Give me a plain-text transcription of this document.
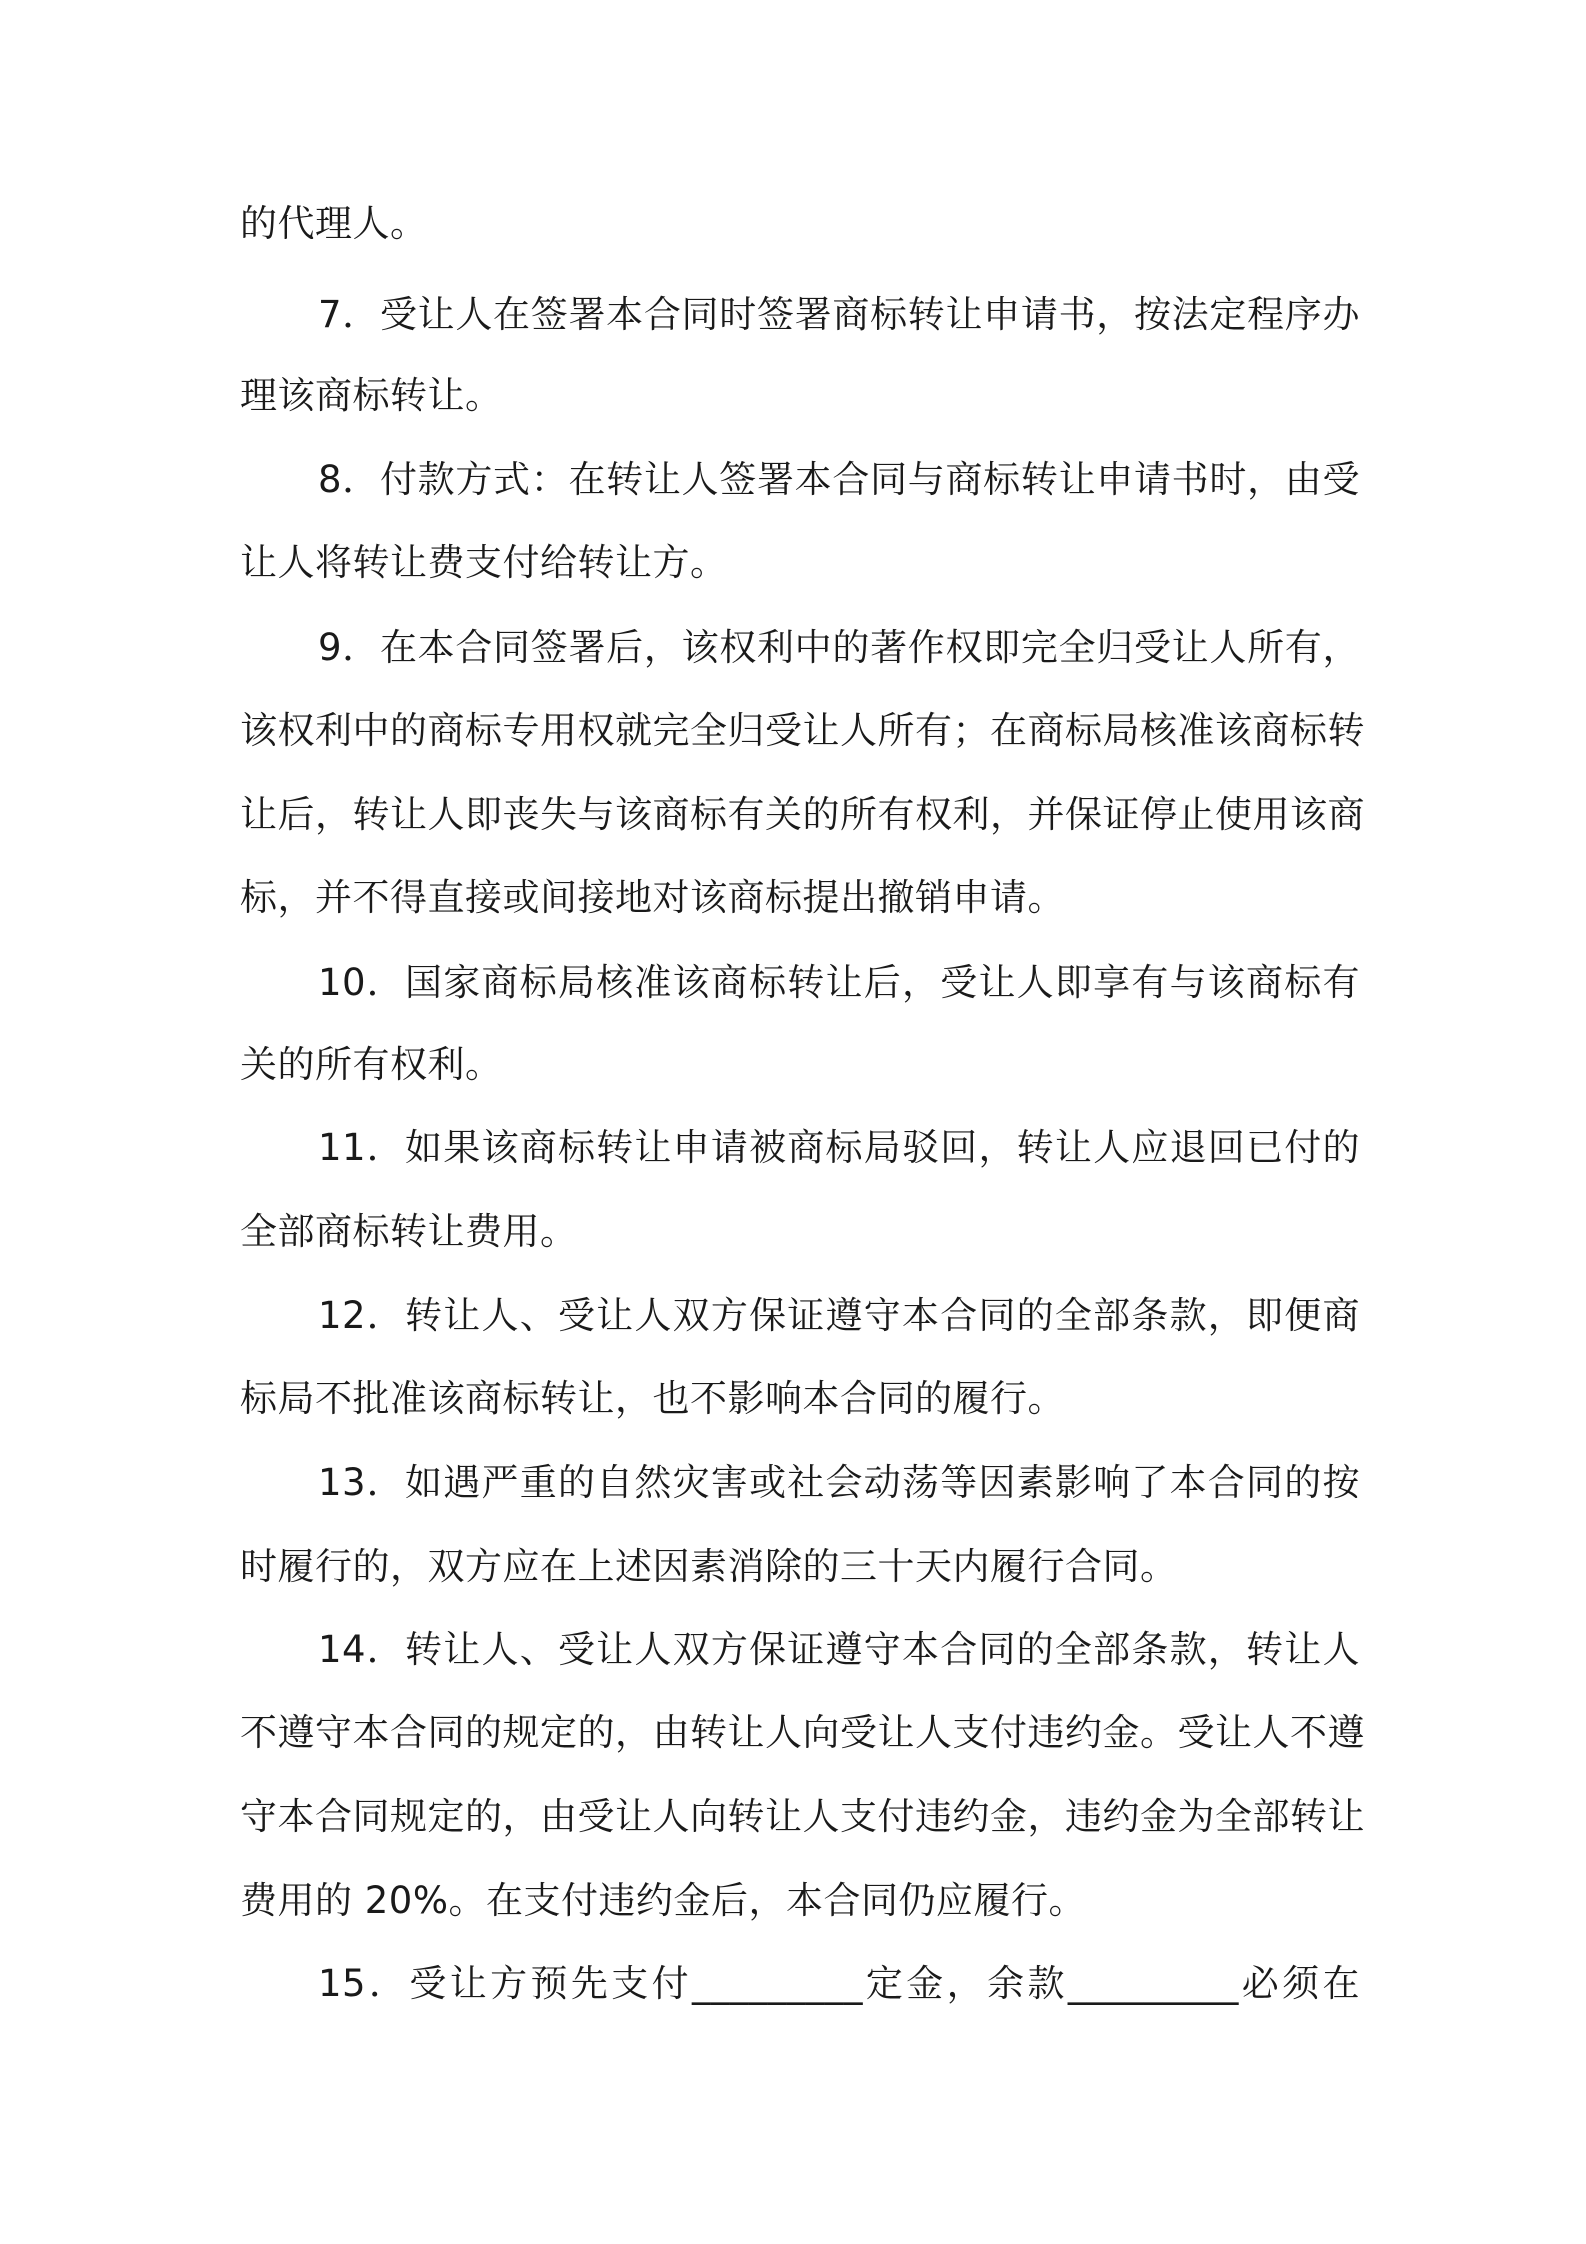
的代理人。
7．受让人在签署本合同时签署商标转让申请书，按法定程序办
理该商标转让。
8．付款方式：在转让人签署本合同与商标转让申请书时，由受
让人将转让费支付给转让方。
9．在本合同签署后，该权利中的著作权即完全归受让人所有，
该权利中的商标专用权就完全归受让人所有；在商标局核准该商标转
让后，转让人即丧失与该商标有关的所有权利，并保证停止使用该商
标，并不得直接或间接地对该商标提出撤销申请。
10．国家商标局核准该商标转让后，受让人即享有与该商标有
关的所有权利。
11．如果该商标转让申请被商标局驳回，转让人应退回已付的
全部商标转让费用。
12．转让人、受让人双方保证遵守本合同的全部条款，即便商
标局不批准该商标转让，也不影响本合同的履行。
13．如遇严重的自然灾害或社会动荡等因素影响了本合同的按
时履行的，双方应在上述因素消除的三十天内履行合同。
14．转让人、受让人双方保证遵守本合同的全部条款，转让人
不遵守本合同的规定的，由转让人向受让人支付违约金。受让人不遵
守本合同规定的，由受让人向转让人支付违约金，违约金为全部转让
费用的 20%。在支付违约金后，本合同仍应履行。
15．受让方预先支付_________定金，余款_________必须在
